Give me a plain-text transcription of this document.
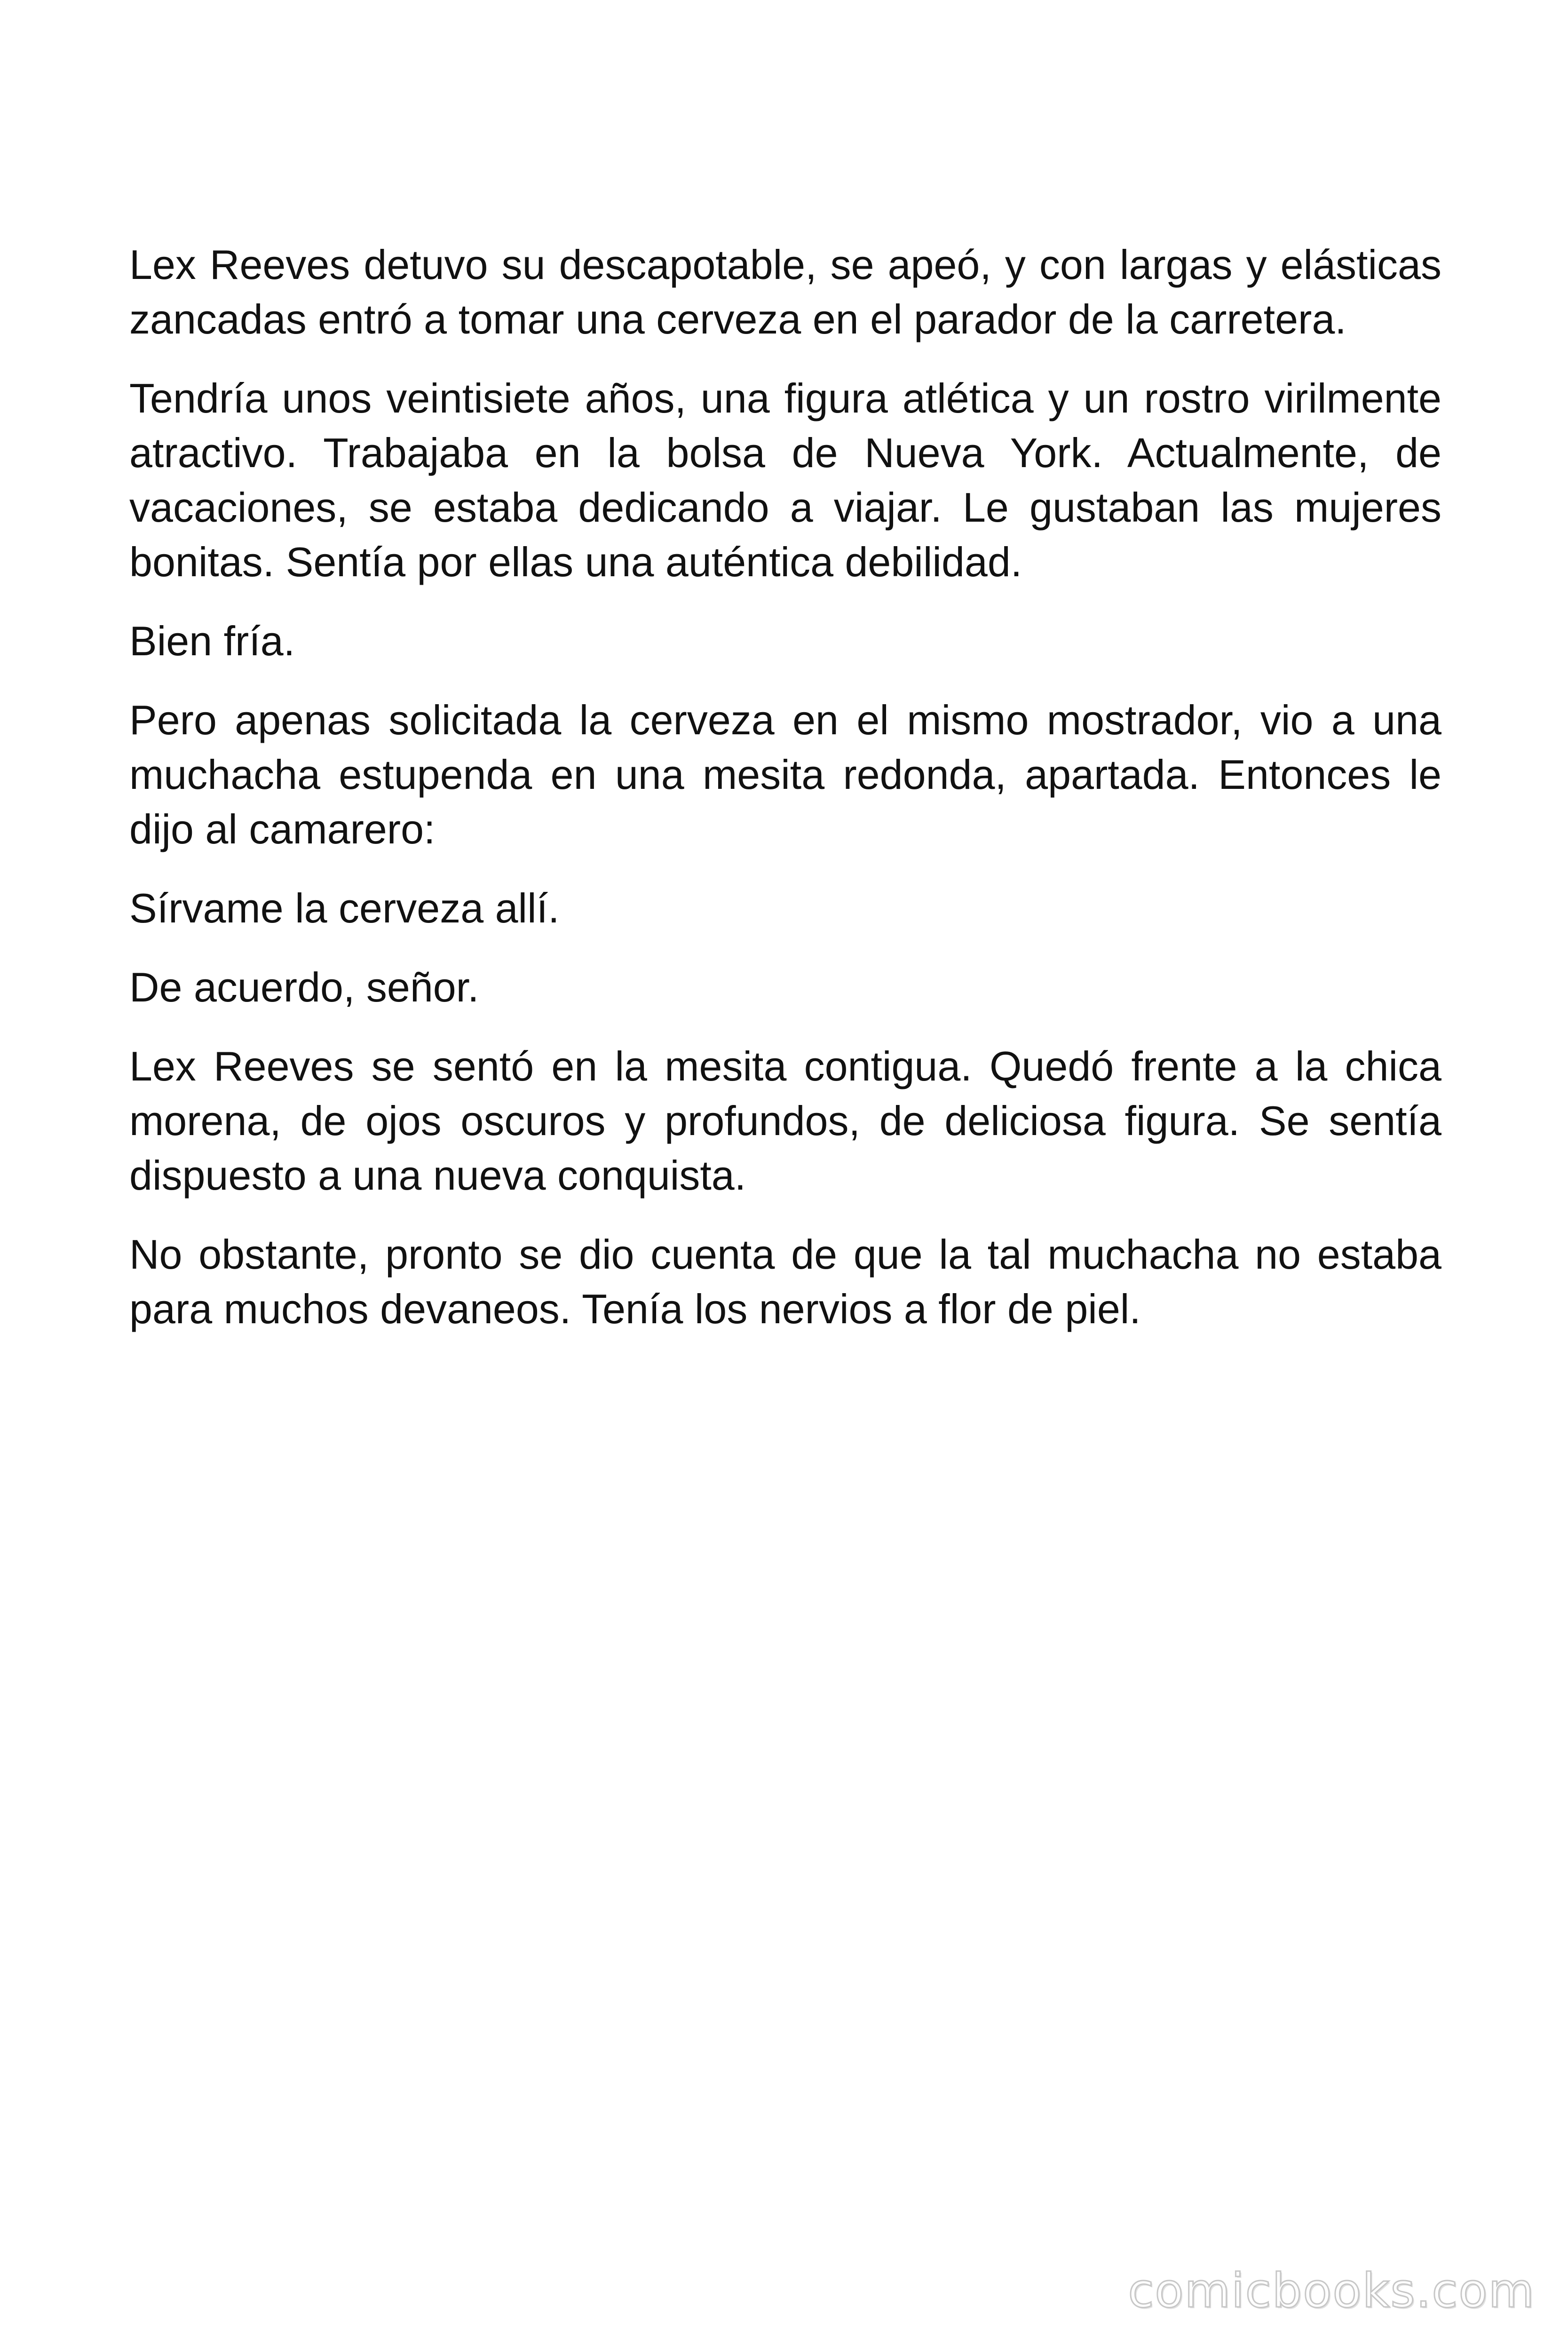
Lex Reeves detuvo su descapotable, se apeó, y con largas y elásticas zancadas entró a tomar una cerveza en el parador de la carretera.

Tendría unos veintisiete años, una figura atlética y un rostro virilmente atractivo. Trabajaba en la bolsa de Nueva York. Actualmente, de vacaciones, se estaba dedicando a viajar. Le gustaban las mujeres bonitas. Sentía por ellas una auténtica debilidad.

Bien fría.

Pero apenas solicitada la cerveza en el mismo mostrador, vio a una muchacha estupenda en una mesita redonda, apartada. Entonces le dijo al camarero:

Sírvame la cerveza allí.

De acuerdo, señor.

Lex Reeves se sentó en la mesita contigua. Quedó frente a la chica morena, de ojos oscuros y profundos, de deliciosa figura. Se sentía dispuesto a una nueva conquista.

No obstante, pronto se dio cuenta de que la tal muchacha no estaba para muchos devaneos. Tenía los nervios a flor de piel.

comicbooks.com
